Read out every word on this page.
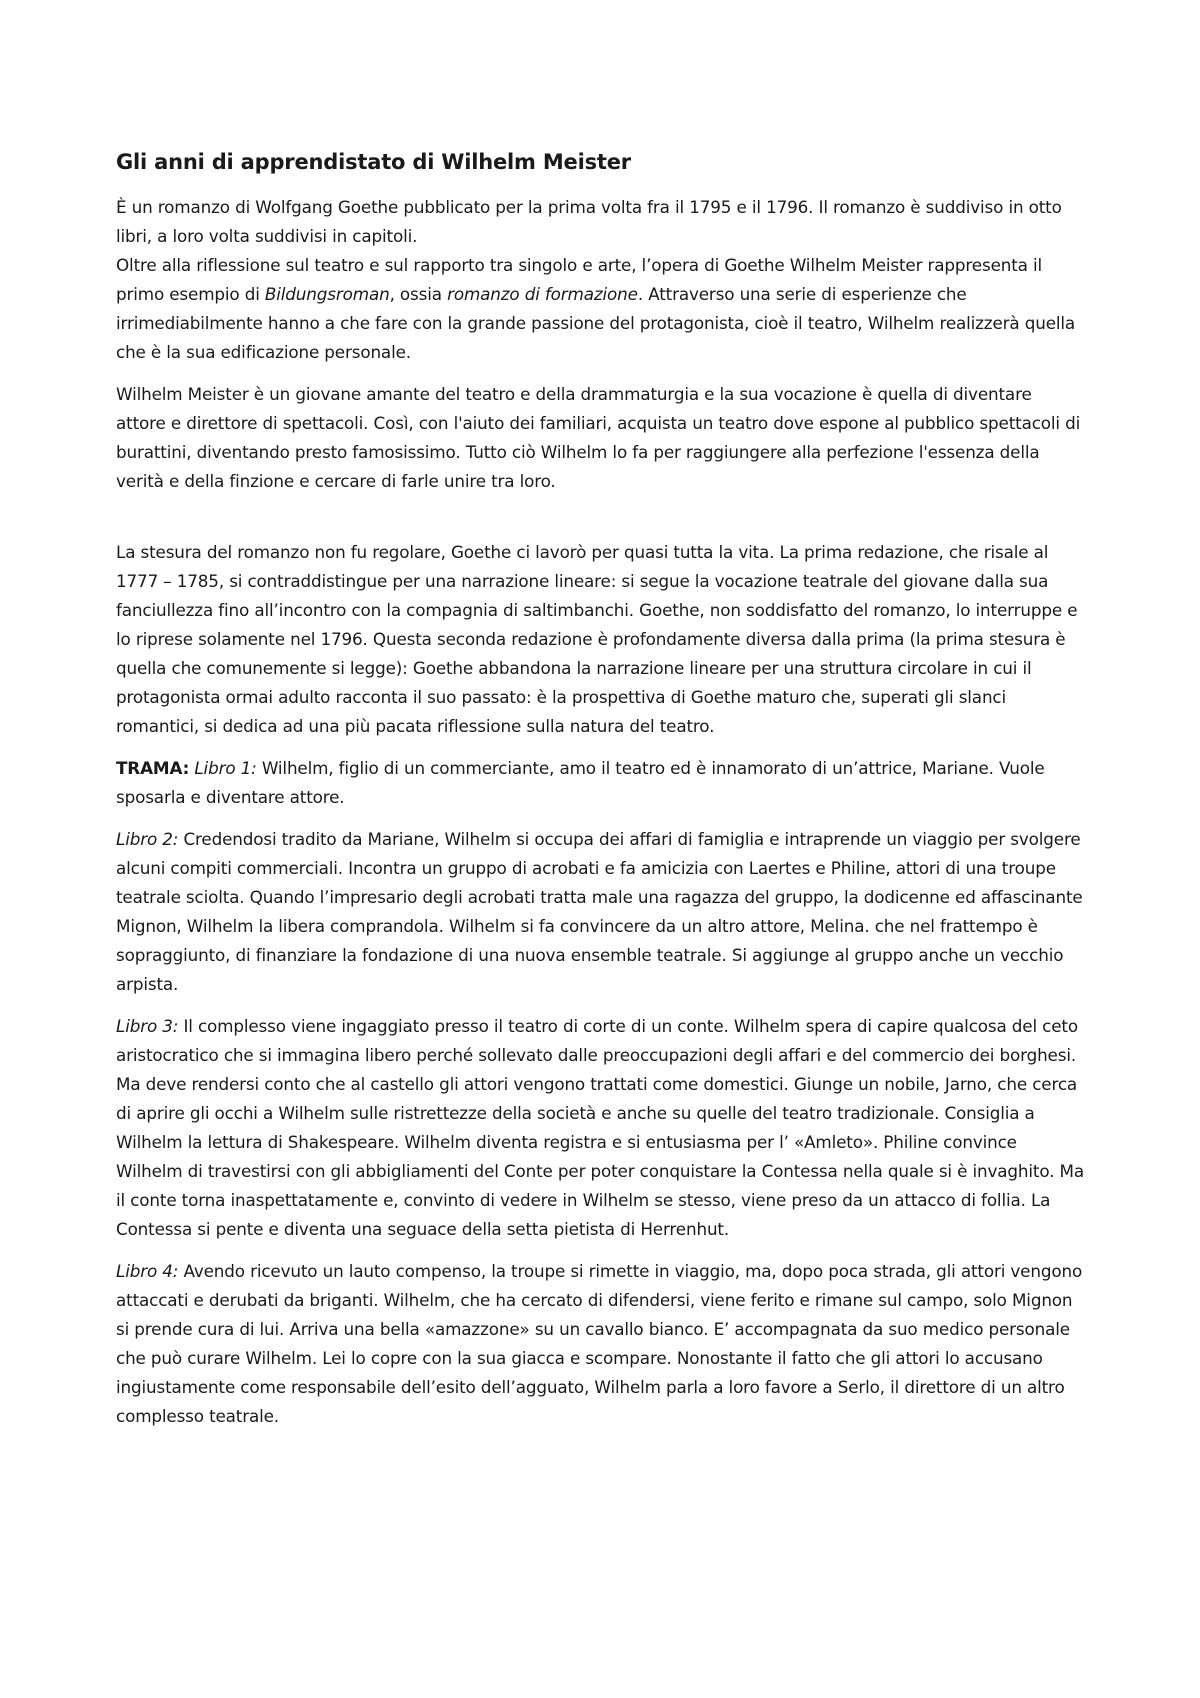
Gli anni di apprendistato di Wilhelm Meister

È un romanzo di Wolfgang Goethe pubblicato per la prima volta fra il 1795 e il 1796. Il romanzo è suddiviso in otto libri, a loro volta suddivisi in capitoli.

Oltre alla riflessione sul teatro e sul rapporto tra singolo e arte, l’opera di Goethe Wilhelm Meister rappresenta il primo esempio di Bildungsroman, ossia romanzo di formazione. Attraverso una serie di esperienze che irrimediabilmente hanno a che fare con la grande passione del protagonista, cioè il teatro, Wilhelm realizzerà quella che è la sua edificazione personale.

Wilhelm Meister è un giovane amante del teatro e della drammaturgia e la sua vocazione è quella di diventare attore e direttore di spettacoli. Così, con l'aiuto dei familiari, acquista un teatro dove espone al pubblico spettacoli di burattini, diventando presto famosissimo. Tutto ciò Wilhelm lo fa per raggiungere alla perfezione l'essenza della verità e della finzione e cercare di farle unire tra loro.

La stesura del romanzo non fu regolare, Goethe ci lavorò per quasi tutta la vita. La prima redazione, che risale al 1777 – 1785, si contraddistingue per una narrazione lineare: si segue la vocazione teatrale del giovane dalla sua fanciullezza fino all’incontro con la compagnia di saltimbanchi. Goethe, non soddisfatto del romanzo, lo interruppe e lo riprese solamente nel 1796. Questa seconda redazione è profondamente diversa dalla prima (la prima stesura è quella che comunemente si legge): Goethe abbandona la narrazione lineare per una struttura circolare in cui il protagonista ormai adulto racconta il suo passato: è la prospettiva di Goethe maturo che, superati gli slanci romantici, si dedica ad una più pacata riflessione sulla natura del teatro.

TRAMA: Libro 1: Wilhelm, figlio di un commerciante, amo il teatro ed è innamorato di un’attrice, Mariane. Vuole sposarla e diventare attore.

Libro 2: Credendosi tradito da Mariane, Wilhelm si occupa dei affari di famiglia e intraprende un viaggio per svolgere alcuni compiti commerciali. Incontra un gruppo di acrobati e fa amicizia con Laertes e Philine, attori di una troupe teatrale sciolta. Quando l’impresario degli acrobati tratta male una ragazza del gruppo, la dodicenne ed affascinante Mignon, Wilhelm la libera comprandola. Wilhelm si fa convincere da un altro attore, Melina. che nel frattempo è sopraggiunto, di finanziare la fondazione di una nuova ensemble teatrale. Si aggiunge al gruppo anche un vecchio arpista.

Libro 3: Il complesso viene ingaggiato presso il teatro di corte di un conte. Wilhelm spera di capire qualcosa del ceto aristocratico che si immagina libero perché sollevato dalle preoccupazioni degli affari e del commercio dei borghesi. Ma deve rendersi conto che al castello gli attori vengono trattati come domestici. Giunge un nobile, Jarno, che cerca di aprire gli occhi a Wilhelm sulle ristrettezze della società e anche su quelle del teatro tradizionale. Consiglia a Wilhelm la lettura di Shakespeare. Wilhelm diventa registra e si entusiasma per l’ «Amleto». Philine convince Wilhelm di travestirsi con gli abbigliamenti del Conte per poter conquistare la Contessa nella quale si è invaghito. Ma il conte torna inaspettatamente e, convinto di vedere in Wilhelm se stesso, viene preso da un attacco di follia. La Contessa si pente e diventa una seguace della setta pietista di Herrenhut.

Libro 4: Avendo ricevuto un lauto compenso, la troupe si rimette in viaggio, ma, dopo poca strada, gli attori vengono attaccati e derubati da briganti. Wilhelm, che ha cercato di difendersi, viene ferito e rimane sul campo, solo Mignon si prende cura di lui. Arriva una bella «amazzone» su un cavallo bianco. E’ accompagnata da suo medico personale che può curare Wilhelm. Lei lo copre con la sua giacca e scompare. Nonostante il fatto che gli attori lo accusano ingiustamente come responsabile dell’esito dell’agguato, Wilhelm parla a loro favore a Serlo, il direttore di un altro complesso teatrale.
